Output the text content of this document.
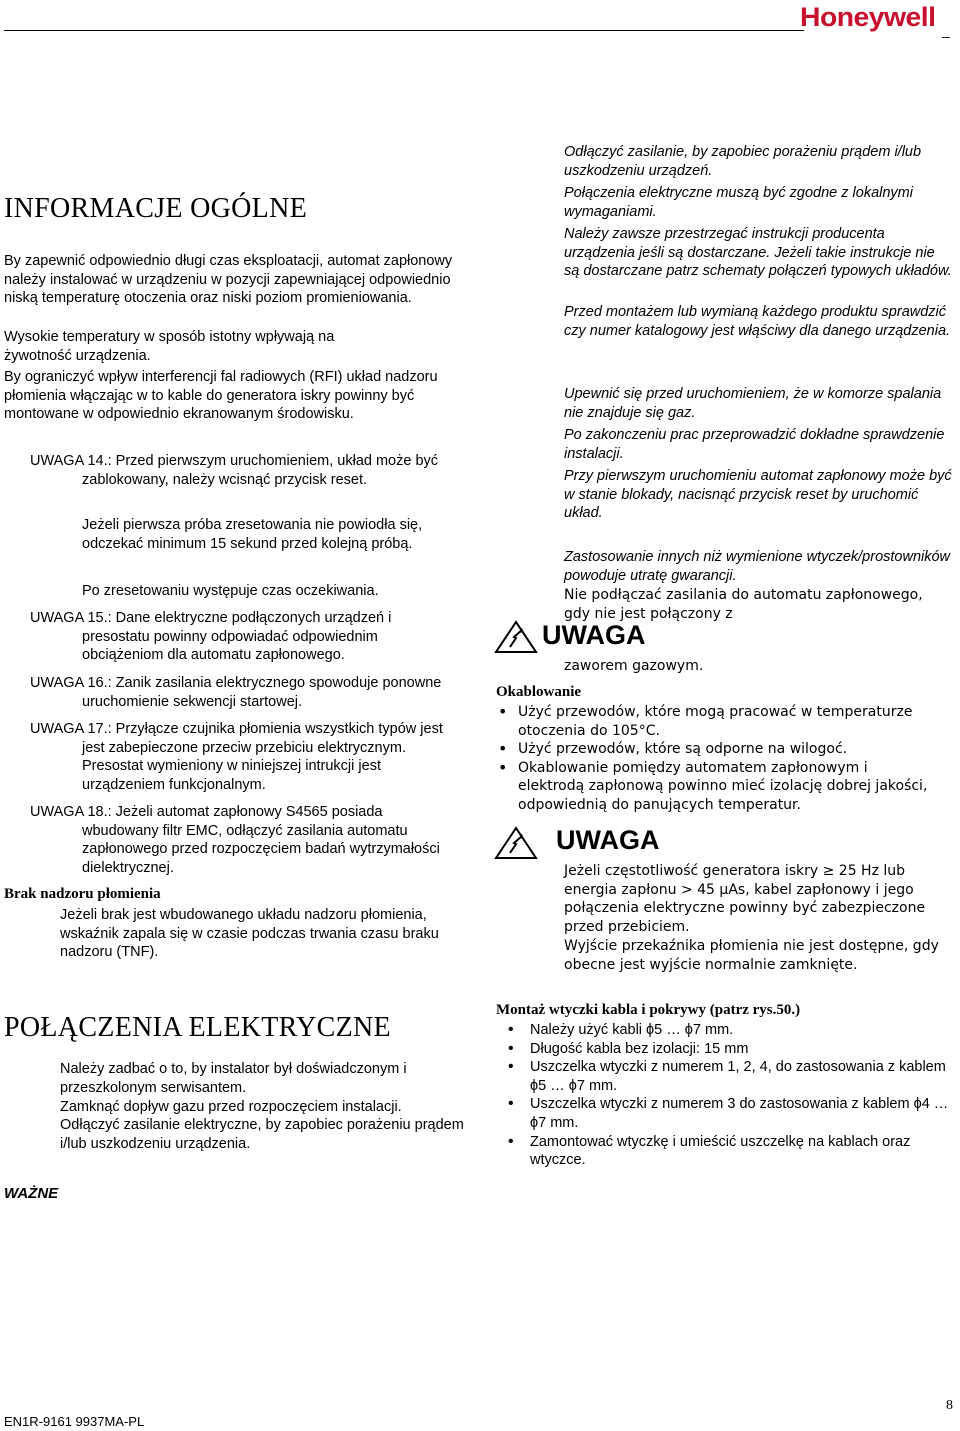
Honeywell _
INFORMACJE OGÓLNE
By zapewnić odpowiednio długi czas eksploatacji, automat zapłonowy należy instalować w urządzeniu w pozycji zapewniającej odpowiednio niską temperaturę otoczenia oraz niski poziom promieniowania.
Wysokie temperatury w sposób istotny wpływają na żywotność urządzenia.
By ograniczyć wpływ interferencji fal radiowych (RFI) układ nadzoru płomienia włączając w to kable do generatora iskry powinny być montowane w odpowiednio ekranowanym środowisku.
UWAGA 14.: Przed pierwszym uruchomieniem, układ może być zablokowany, należy wcisnąć przycisk reset.
Jeżeli pierwsza próba zresetowania nie powiodła się, odczekać minimum 15 sekund przed kolejną próbą.
Po zresetowaniu występuje czas oczekiwania.
UWAGA 15.: Dane elektryczne podłączonych urządzeń i presostatu powinny odpowiadać odpowiednim obciążeniom dla automatu zapłonowego.
UWAGA 16.: Zanik zasilania elektrycznego spowoduje ponowne uruchomienie sekwencji startowej.
UWAGA 17.: Przyłącze czujnika płomienia wszystkich typów jest jest zabepieczone przeciw przebiciu elektrycznym. Presostat wymieniony w niniejszej intrukcji jest urządzeniem funkcjonalnym.
UWAGA 18.: Jeżeli automat zapłonowy S4565 posiada wbudowany filtr EMC, odłączyć zasilania automatu zapłonowego przed rozpoczęciem badań wytrzymałości dielektrycznej.
Brak nadzoru płomienia
Jeżeli brak jest wbudowanego układu nadzoru płomienia, wskaźnik zapala się w czasie podczas trwania czasu braku nadzoru (TNF).
POŁĄCZENIA ELEKTRYCZNE
Należy zadbać o to, by instalator był doświadczonym i przeszkolonym serwisantem.
Zamknąć dopływ gazu przed rozpoczęciem instalacji.
Odłączyć zasilanie elektryczne, by zapobiec porażeniu prądem i/lub uszkodzeniu urządzenia.
WAŻNE
Odłączyć zasilanie, by zapobiec porażeniu prądem i/lub uszkodzeniu urządzeń.
Połączenia elektryczne muszą być zgodne z lokalnymi wymaganiami.
Należy zawsze przestrzegać instrukcji producenta urządzenia jeśli są dostarczane. Jeżeli takie instrukcje nie są dostarczane patrz schematy połączeń typowych układów.
Przed montażem lub wymianą każdego produktu sprawdzić czy numer katalogowy jest włąściwy dla danego urządzenia.
Upewnić się przed uruchomieniem, że w komorze spalania nie znajduje się gaz.
Po zakonczeniu prac przeprowadzić dokładne sprawdzenie instalacji.
Przy pierwszym uruchomieniu automat zapłonowy może być w stanie blokady, nacisnąć przycisk reset by uruchomić układ.
Zastosowanie innych niż wymienione wtyczek/prostowników powoduje utratę gwarancji.
Nie podłączać zasilania do automatu zapłonowego, gdy nie jest połączony z
UWAGA
zaworem gazowym.
Okablowanie
• Użyć przewodów, które mogą pracować w temperaturze otoczenia do 105°C.
• Użyć przewodów, które są odporne na wilogoć.
• Okablowanie pomiędzy automatem zapłonowym i elektrodą zapłonową powinno mieć izolację dobrej jakości, odpowiednią do panujących temperatur.
UWAGA
Jeżeli częstotliwość generatora iskry ≥ 25 Hz lub energia zapłonu > 45 µAs, kabel zapłonowy i jego połączenia elektryczne powinny być zabezpieczone przed przebiciem.
Wyjście przekaźnika płomienia nie jest dostępne, gdy obecne jest wyjście normalnie zamknięte.
Montaż wtyczki kabla i pokrywy (patrz rys.50.)
• Należy użyć kabli ϕ5 … ϕ7 mm.
• Długość kabla bez izolacji: 15 mm
• Uszczelka wtyczki z numerem 1, 2, 4, do zastosowania z kablem ϕ5 … ϕ7 mm.
• Uszczelka wtyczki z numerem 3 do zastosowania z kablem ϕ4 … ϕ7 mm.
• Zamontować wtyczkę i umieścić uszczelkę na kablach oraz wtyczce.
EN1R-9161 9937MA-PL
8
